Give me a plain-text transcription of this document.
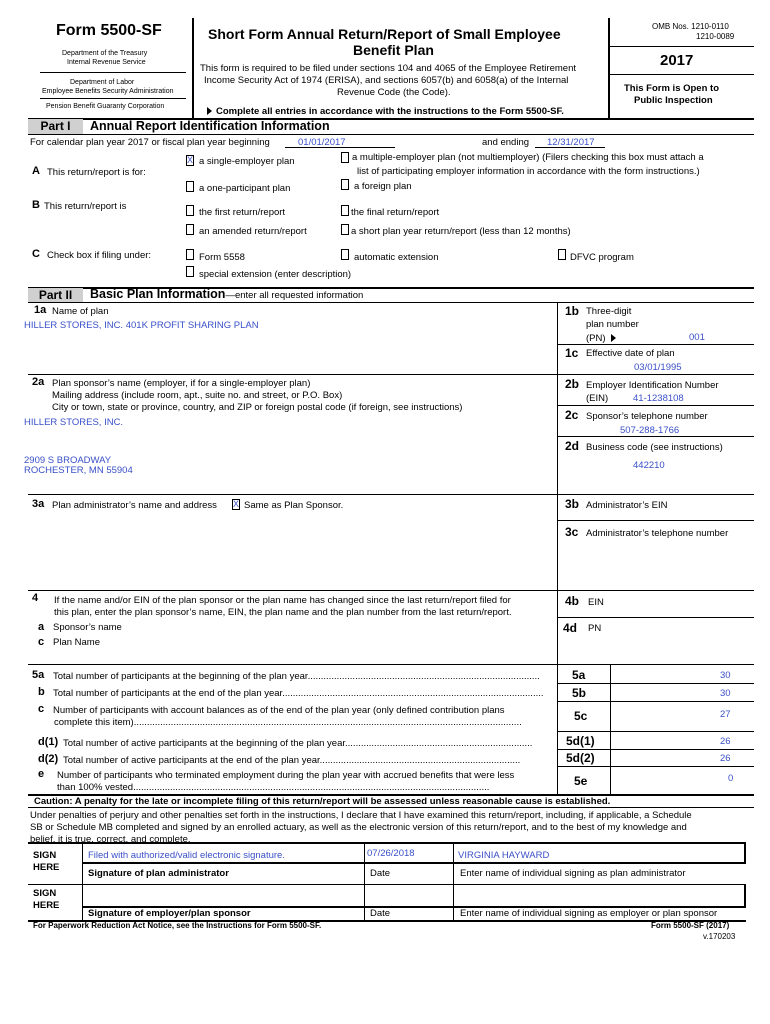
Form 5500-SF
Department of the Treasury
Internal Revenue Service
Department of Labor
Employee Benefits Security Administration
Pension Benefit Guaranty Corporation
Short Form Annual Return/Report of Small Employee
Benefit Plan
This form is required to be filed under sections 104 and 4065 of the Employee Retirement
Income Security Act of 1974 (ERISA), and sections 6057(b) and 6058(a) of the Internal
Revenue Code (the Code).
Complete all entries in accordance with the instructions to the Form 5500-SF.
OMB Nos. 1210-0110
1210-0089
2017
This Form is Open to
Public Inspection
Part I	Annual Report Identification Information
For calendar plan year 2017 or fiscal plan year beginning	01/01/2017	and ending 12/31/2017
A This return/report is for:
X a single-employer plan	a multiple-employer plan (not multiemployer) (Filers checking this box must attach a
list of participating employer information in accordance with the form instructions.)
a one-participant plan	a foreign plan
B This return/report is
the first return/report	the final return/report
an amended return/report	a short plan year return/report (less than 12 months)
C Check box if filing under:	Form 5558	automatic extension	DFVC program
special extension (enter description)
Part II	Basic Plan Information—enter all requested information
1a Name of plan
HILLER STORES, INC. 401K PROFIT SHARING PLAN
1b Three-digit
plan number
(PN)	001
1c Effective date of plan
03/01/1995
2a Plan sponsor’s name (employer, if for a single-employer plan)
Mailing address (include room, apt., suite no. and street, or P.O. Box)
City or town, state or province, country, and ZIP or foreign postal code (if foreign, see instructions)
HILLER STORES, INC.
2909 S BROADWAY
ROCHESTER, MN 55904
2b Employer Identification Number
(EIN)	41-1238108
2c Sponsor’s telephone number
507-288-1766
2d Business code (see instructions)
442210
3a Plan administrator’s name and address X Same as Plan Sponsor.	3b Administrator’s EIN
3c Administrator’s telephone number
4 If the name and/or EIN of the plan sponsor or the plan name has changed since the last return/report filed for
this plan, enter the plan sponsor’s name, EIN, the plan name and the plan number from the last return/report.
a Sponsor’s name
c Plan Name
4b EIN
4d PN
5a Total number of participants at the beginning of the plan year........................................................................................	5a	30
b Total number of participants at the end of the plan year................................................................................................... 5b	30
c Number of participants with account balances as of the end of the plan year (only defined contribution plans
complete this item)...................................................................................................................................................	5c	27
d(1) Total number of active participants at the beginning of the plan year.......................................................................	5d(1)	26
d(2) Total number of active participants at the end of the plan year............................................................................	5d(2)	26
e Number of participants who terminated employment during the plan year with accrued benefits that were less
than 100% vested.......................................................................................................................................	5e	0
Caution: A penalty for the late or incomplete filing of this return/report will be assessed unless reasonable cause is established.
Under penalties of perjury and other penalties set forth in the instructions, I declare that I have examined this return/report, including, if applicable, a Schedule
SB or Schedule MB completed and signed by an enrolled actuary, as well as the electronic version of this return/report, and to the best of my knowledge and
belief, it is true, correct, and complete.
SIGN
HERE
Filed with authorized/valid electronic signature.	07/26/2018	VIRGINIA HAYWARD
Signature of plan administrator	Date	Enter name of individual signing as plan administrator
SIGN
HERE
Signature of employer/plan sponsor	Date	Enter name of individual signing as employer or plan sponsor
For Paperwork Reduction Act Notice, see the Instructions for Form 5500-SF.	Form 5500-SF (2017)
v.170203
